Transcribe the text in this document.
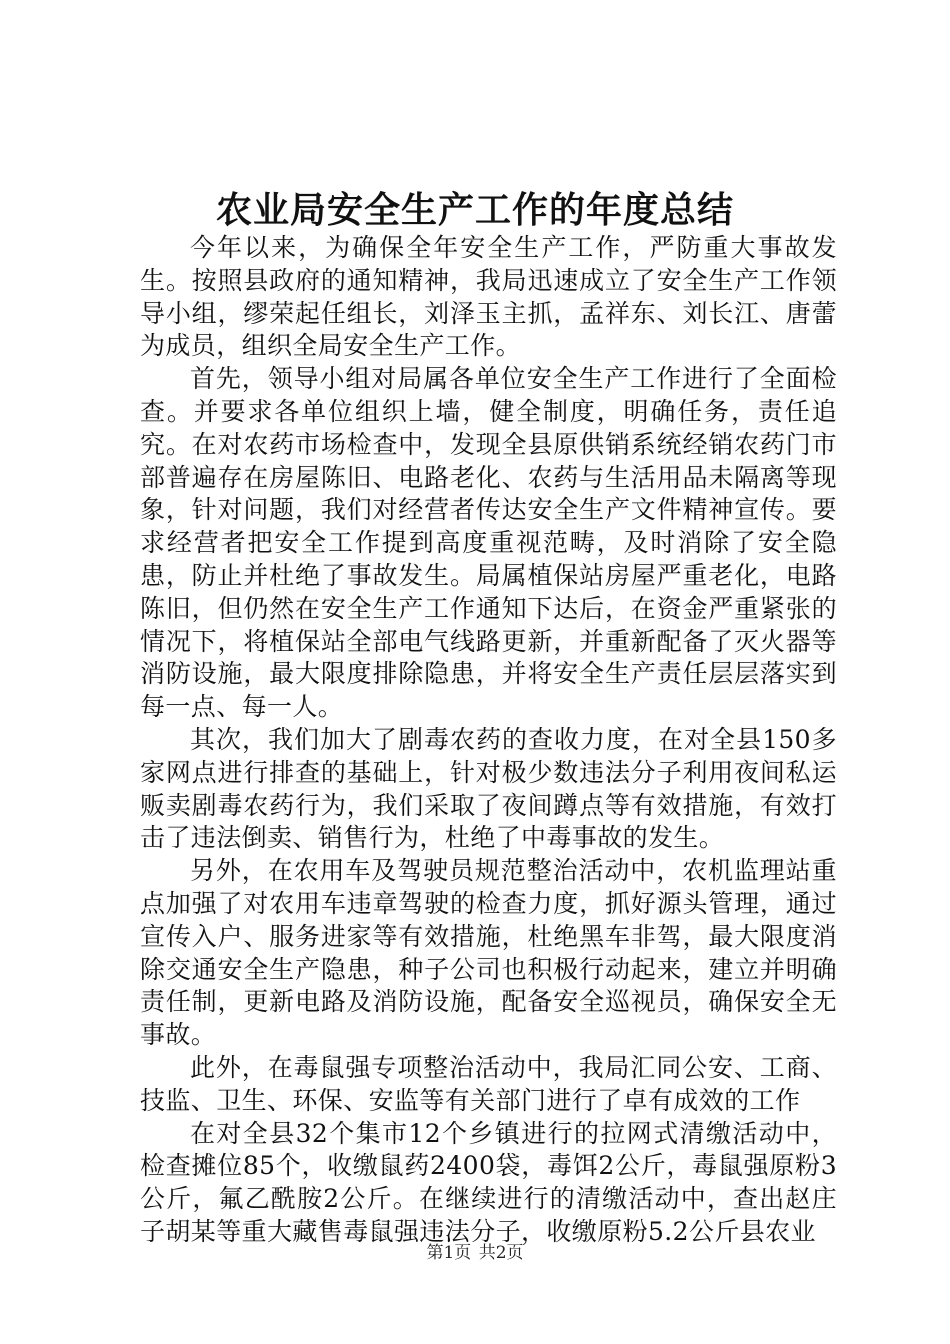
农业局安全生产工作的年度总结

今年以来，为确保全年安全生产工作，严防重大事故发生。按照县政府的通知精神，我局迅速成立了安全生产工作领导小组，缪荣起任组长，刘泽玉主抓，孟祥东、刘长江、唐蕾为成员，组织全局安全生产工作。

首先，领导小组对局属各单位安全生产工作进行了全面检查。并要求各单位组织上墙，健全制度，明确任务，责任追究。在对农药市场检查中，发现全县原供销系统经销农药门市部普遍存在房屋陈旧、电路老化、农药与生活用品未隔离等现象，针对问题，我们对经营者传达安全生产文件精神宣传。要求经营者把安全工作提到高度重视范畴，及时消除了安全隐患，防止并杜绝了事故发生。局属植保站房屋严重老化，电路陈旧，但仍然在安全生产工作通知下达后，在资金严重紧张的情况下，将植保站全部电气线路更新，并重新配备了灭火器等消防设施，最大限度排除隐患，并将安全生产责任层层落实到每一点、每一人。

其次，我们加大了剧毒农药的查收力度，在对全县150多家网点进行排查的基础上，针对极少数违法分子利用夜间私运贩卖剧毒农药行为，我们采取了夜间蹲点等有效措施，有效打击了违法倒卖、销售行为，杜绝了中毒事故的发生。

另外，在农用车及驾驶员规范整治活动中，农机监理站重点加强了对农用车违章驾驶的检查力度，抓好源头管理，通过宣传入户、服务进家等有效措施，杜绝黑车非驾，最大限度消除交通安全生产隐患，种子公司也积极行动起来，建立并明确责任制，更新电路及消防设施，配备安全巡视员，确保安全无事故。

此外，在毒鼠强专项整治活动中，我局汇同公安、工商、技监、卫生、环保、安监等有关部门进行了卓有成效的工作

在对全县32个集市12个乡镇进行的拉网式清缴活动中，检查摊位85个，收缴鼠药2400袋，毒饵2公斤，毒鼠强原粉3公斤，氟乙酰胺2公斤。在继续进行的清缴活动中，查出赵庄子胡某等重大藏售毒鼠强违法分子，收缴原粉5.2公斤县农业

第1页 共2页
